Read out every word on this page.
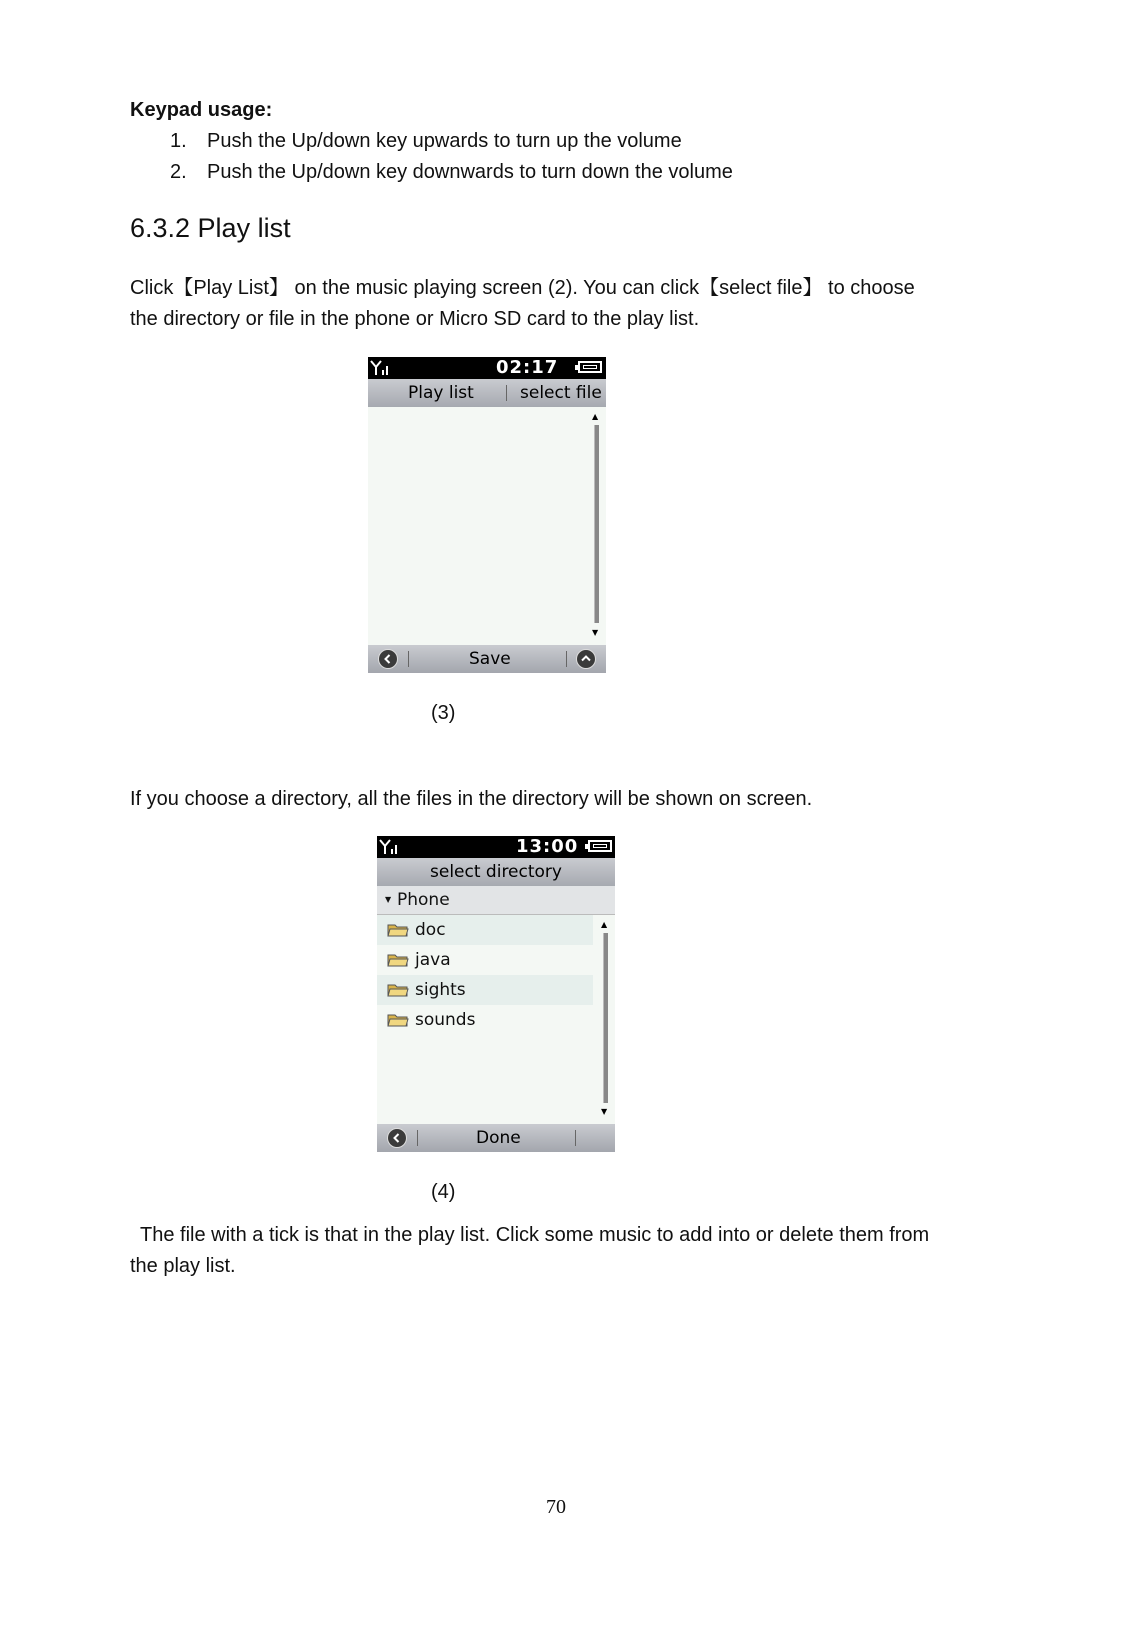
Keypad usage:
1. Push the Up/down key upwards to turn up the volume
2. Push the Up/down key downwards to turn down the volume
6.3.2 Play list
Click【Play List】 on the music playing screen (2). You can click【select file】 to choose
the directory or file in the phone or Micro SD card to the play list.
02:17
Play list	select file
▲
▼
Save
(3)
If you choose a directory, all the files in the directory will be shown on screen.
13:00
select directory
▼ Phone
doc
java
sights
sounds
▲
▼
Done
(4)
The file with a tick is that in the play list. Click some music to add into or delete them from
the play list.
70
